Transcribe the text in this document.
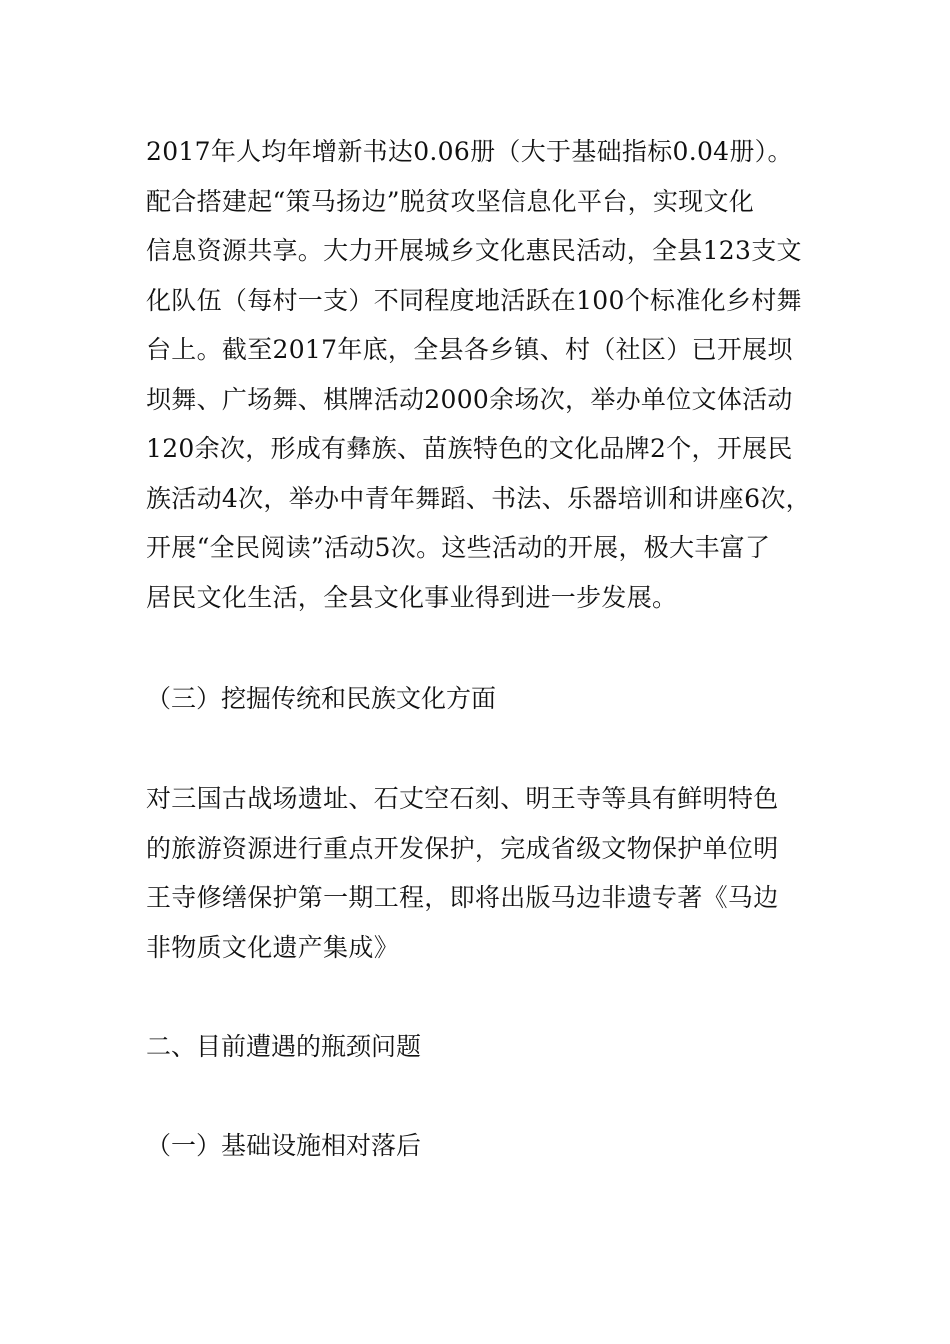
2017年人均年增新书达0.06册（大于基础指标0.04册）。
配合搭建起“策马扬边”脱贫攻坚信息化平台，实现文化
信息资源共享。大力开展城乡文化惠民活动，全县123支文
化队伍（每村一支）不同程度地活跃在100个标准化乡村舞
台上。截至2017年底，全县各乡镇、村（社区）已开展坝
坝舞、广场舞、棋牌活动2000余场次，举办单位文体活动
120余次，形成有彝族、苗族特色的文化品牌2个，开展民
族活动4次，举办中青年舞蹈、书法、乐器培训和讲座6次，
开展“全民阅读”活动5次。这些活动的开展，极大丰富了
居民文化生活，全县文化事业得到进一步发展。
（三）挖掘传统和民族文化方面
对三国古战场遗址、石丈空石刻、明王寺等具有鲜明特色
的旅游资源进行重点开发保护，完成省级文物保护单位明
王寺修缮保护第一期工程，即将出版马边非遗专著《马边
非物质文化遗产集成》
二、目前遭遇的瓶颈问题
（一）基础设施相对落后
